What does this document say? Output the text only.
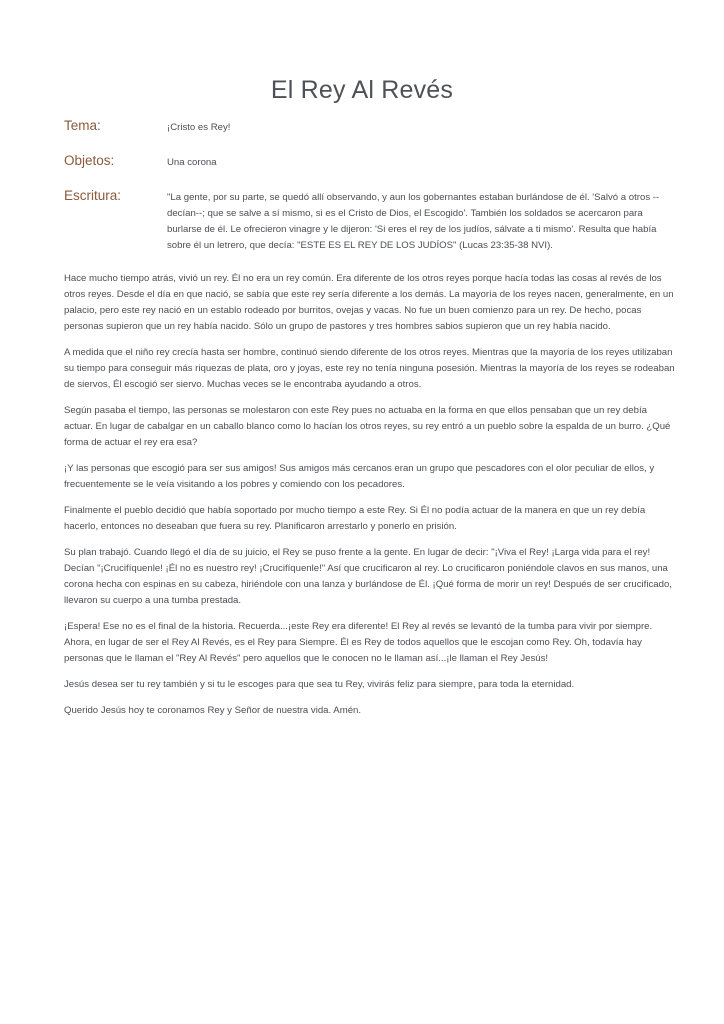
El Rey Al Revés
Tema:	¡Cristo es Rey!
Objetos:	Una corona
Escritura:	"La gente, por su parte, se quedó allí observando, y aun los gobernantes estaban burlándose de él. 'Salvó a otros --decían--; que se salve a sí mismo, si es el Cristo de Dios, el Escogido'. También los soldados se acercaron para burlarse de él. Le ofrecieron vinagre y le dijeron: 'Si eres el rey de los judíos, sálvate a ti mismo'. Resulta que había sobre él un letrero, que decía: "ESTE ES EL REY DE LOS JUDÍOS" (Lucas 23:35-38 NVI).

Hace mucho tiempo atrás, vivió un rey. Él no era un rey común. Era diferente de los otros reyes porque hacía todas las cosas al revés de los otros reyes. Desde el día en que nació, se sabía que este rey sería diferente a los demás. La mayoría de los reyes nacen, generalmente, en un palacio, pero este rey nació en un establo rodeado por burritos, ovejas y vacas. No fue un buen comienzo para un rey. De hecho, pocas personas supieron que un rey había nacido. Sólo un grupo de pastores y tres hombres sabios supieron que un rey había nacido.

A medida que el niño rey crecía hasta ser hombre, continuó siendo diferente de los otros reyes. Mientras que la mayoría de los reyes utilizaban su tiempo para conseguir más riquezas de plata, oro y joyas, este rey no tenía ninguna posesión. Mientras la mayoría de los reyes se rodeaban de siervos, Él escogió ser siervo. Muchas veces se le encontraba ayudando a otros.

Según pasaba el tiempo, las personas se molestaron con este Rey pues no actuaba en la forma en que ellos pensaban que un rey debía actuar. En lugar de cabalgar en un caballo blanco como lo hacían los otros reyes, su rey entró a un pueblo sobre la espalda de un burro. ¿Qué forma de actuar el rey era esa?

¡Y las personas que escogió para ser sus amigos! Sus amigos más cercanos eran un grupo que pescadores con el olor peculiar de ellos, y frecuentemente se le veía visitando a los pobres y comiendo con los pecadores.

Finalmente el pueblo decidió que había soportado por mucho tiempo a este Rey. Si Él no podía actuar de la manera en que un rey debía hacerlo, entonces no deseaban que fuera su rey. Planificaron arrestarlo y ponerlo en prisión.

Su plan trabajó. Cuando llegó el día de su juicio, el Rey se puso frente a la gente. En lugar de decir: "¡Viva el Rey! ¡Larga vida para el rey! Decían "¡Crucifíquenle! ¡Él no es nuestro rey! ¡Crucifíquenle!" Así que crucificaron al rey. Lo crucificaron poniéndole clavos en sus manos, una corona hecha con espinas en su cabeza, hiriéndole con una lanza y burlándose de Él. ¡Qué forma de morir un rey! Después de ser crucificado, llevaron su cuerpo a una tumba prestada.

¡Espera! Ese no es el final de la historia. Recuerda...¡este Rey era diferente! El Rey al revés se levantó de la tumba para vivir por siempre. Ahora, en lugar de ser el Rey Al Revés, es el Rey para Siempre. Él es Rey de todos aquellos que le escojan como Rey. Oh, todavía hay personas que le llaman el "Rey Al Revés" pero aquellos que le conocen no le llaman así...¡le llaman el Rey Jesús!

Jesús desea ser tu rey también y si tu le escoges para que sea tu Rey, vivirás feliz para siempre, para toda la eternidad.

Querido Jesús hoy te coronamos Rey y Señor de nuestra vida. Amén.
